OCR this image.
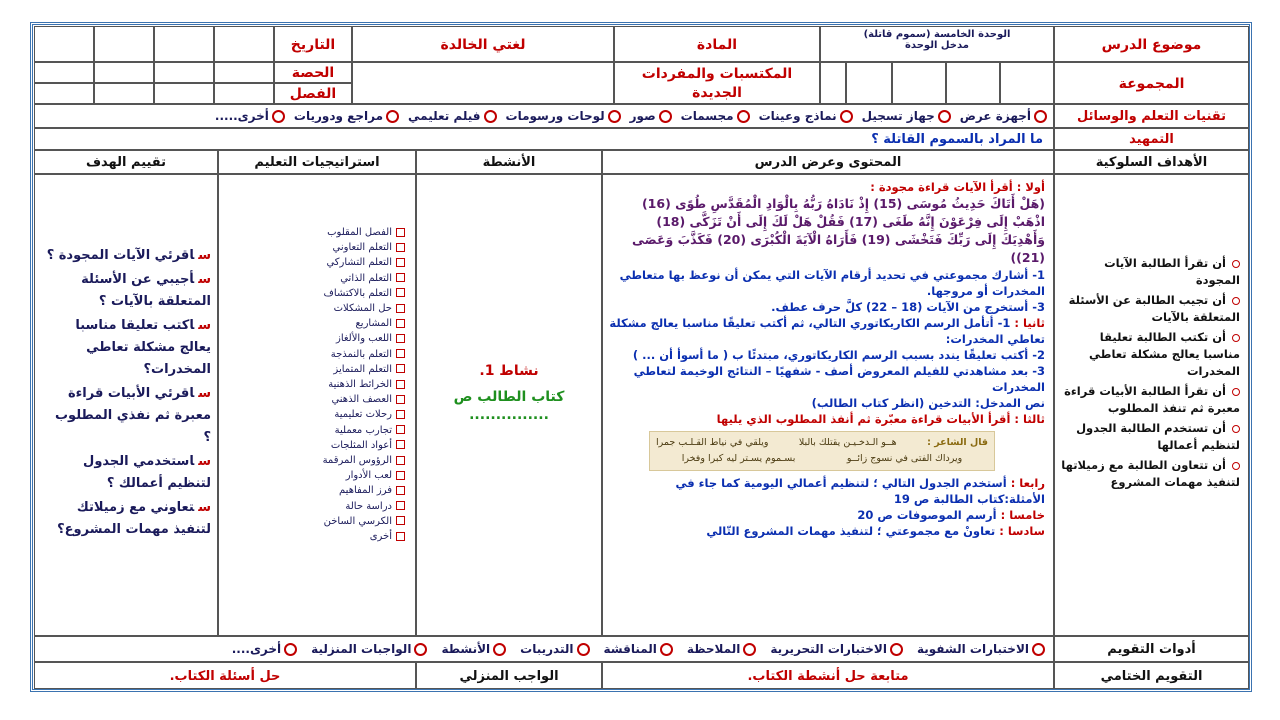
موضوع الدرس
الوحدة الخامسة (سموم قاتلة)
مدخل الوحدة
المادة
لغتي الخالدة
التاريخ
المجموعة
المكتسبات والمفردات الجديدة
الحصة
الفصل
تقنيات التعلم والوسائل
أجهزة عرض
جهاز تسجيل
نماذج وعينات
مجسمات
صور
لوحات ورسومات
فيلم تعليمي
مراجع ودوريات
أخرى.....
التمهيد
ما المراد بالسموم القاتلة ؟
الأهداف السلوكية
المحتوى وعرض الدرس
الأنشطة
استراتيجيات التعليم
تقييم الهدف
أن تقرأ الطالبة الآيات المجودة
أن تجيب الطالبة عن الأسئلة المتعلقة بالآيات
أن تكتب الطالبة تعليقا مناسبا يعالج مشكلة تعاطي المخدرات
أن تقرأ الطالبة الأبيات قراءة معبرة ثم تنفذ المطلوب
أن تستخدم الطالبة الجدول لتنظيم أعمالها
أن تتعاون الطالبة مع زميلاتها لتنفيذ مهمات المشروع

أولا : أقرأ الآيات قراءة مجودة :

(هَلْ أَتَاكَ حَدِيثُ مُوسَى (15) إِذْ نَادَاهُ رَبُّهُ بِالْوَادِ الْمُقَدَّسِ طُوًى (16) اذْهَبْ إِلَى فِرْعَوْنَ إِنَّهُ طَغَى (17) فَقُلْ هَلْ لَكَ إِلَى أَنْ تَزَكَّى (18) وَأَهْدِيَكَ إِلَى رَبِّكَ فَتَخْشَى (19) فَأَرَاهُ الْآيَةَ الْكُبْرَى (20) فَكَذَّبَ وَعَصَى (21))

1- أشارك مجموعتي في تحديد أرقام الآيات التي يمكن أن نوعظ بها متعاطي المخدرات أو مروجها.

3- أستخرج من الآيات (18 – 22) كلَّ حرف عطف.

ثانيا : 1- أتأمل الرسم الكاريكاتوري التالي، ثم أكتب تعليقًا مناسبا يعالج مشكلة تعاطي المخدرات:

2- أكتب تعليقًا يندد بسبب الرسم الكاريكاتوري، مبتدئًا ب ( ما أسوأ أن ... )

3- بعد مشاهدتي للفيلم المعروض أصف - شفهيًا – النتائج الوخيمة لتعاطي المخدرات

نص المدخل: التدخين (انظر كتاب الطالب)

ثالثا : أقرأ الأبيات قراءة معبّرة ثم أنفذ المطلوب الذي يليها

قال الشاعر :
هــو الـدخـيـن يقتلك بالبلا
ويلقي في نياط القـلـب جمرا
ويرداك الفتى في نسوج زائــو
بسـموم يسـتر ليه كبرا وفخرا

رابعا : أستخدم الجدول التالي ؛ لتنظيم أعمالي اليومية كما جاء في الأمثلة:كتاب الطالبة ص 19

خامسا : أرسم الموصوفات ص 20

سادسا : تعاونْ مع مجموعتي ؛ لتنفيذ مهمات المشروع التّالي

نشاط 1.
كتاب الطالب ص
...............
الفصل المقلوب
التعلم التعاوني
التعلم التشاركي
التعلم الذاتي
التعلم بالاكتشاف
حل المشكلات
المشاريع
اللعب والألغاز
التعلم بالنمذجة
التعلم المتمايز
الخرائط الذهنية
العصف الذهني
رحلات تعليمية
تجارب معملية
أعواد المثلجات
الرؤوس المرقمة
لعب الأدوار
فرز المفاهيم
دراسة حالة
الكرسي الساخن
أخرى
ساقرئي الآيات المجودة ؟
سأجيبي عن الأسئلة المتعلقة بالآيات ؟
ساكتب تعليقا مناسبا يعالج مشكلة تعاطي المخدرات؟
ساقرئي الأبيات قراءة معبرة ثم نفذي المطلوب ؟
ساستخدمي الجدول لتنظيم أعمالك ؟
ستعاوني مع زميلاتك لتنفيذ مهمات المشروع؟
أدوات التقويم
الاختبارات الشفوية
الاختبارات التحريرية
الملاحظة
المناقشة
التدريبات
الأنشطة
الواجبات المنزلية
أخرى....
التقويم الختامي
متابعة حل أنشطة الكتاب.
الواجب المنزلي
حل أسئلة الكتاب.
